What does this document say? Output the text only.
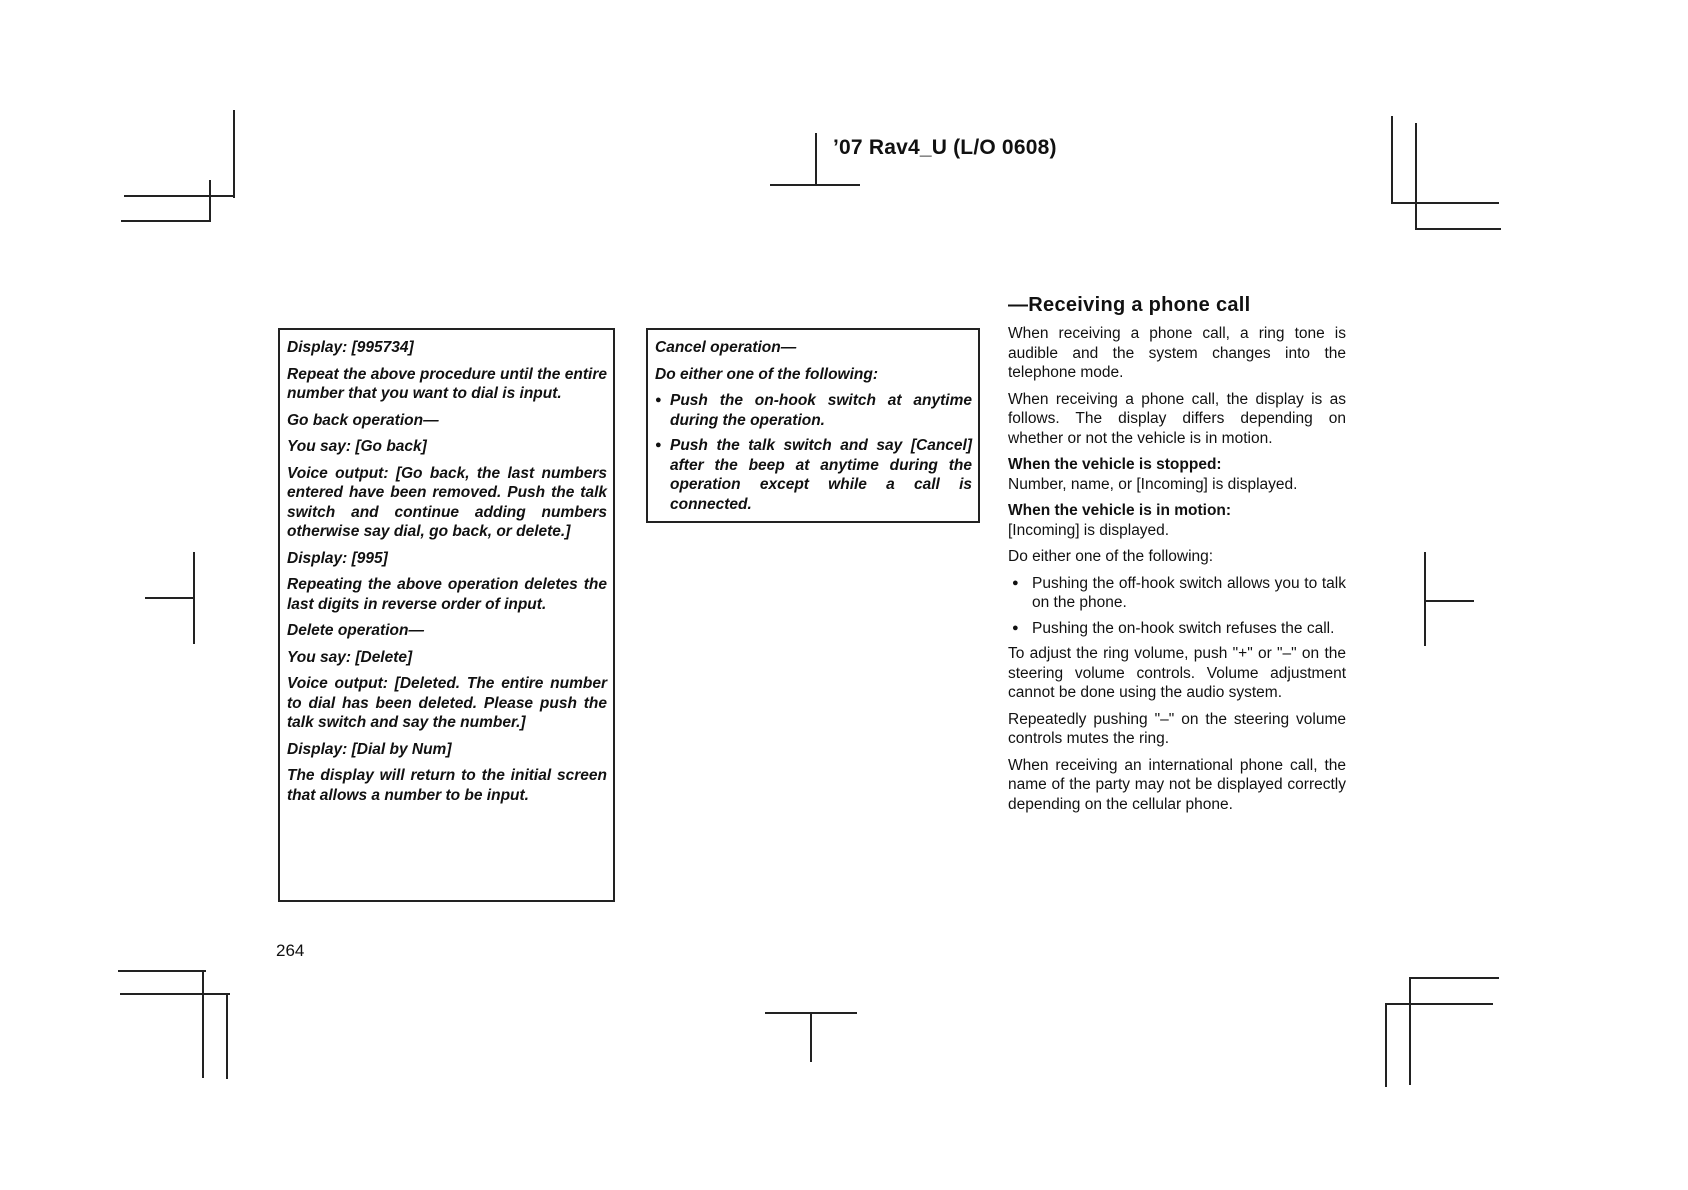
’07 Rav4_U (L/O 0608)

Display: [995734]

Repeat the above procedure until the entire number that you want to dial is input.

Go back operation—

You say: [Go back]

Voice output: [Go back, the last numbers entered have been removed. Push the talk switch and continue adding numbers otherwise say dial, go back, or delete.]

Display: [995]

Repeating the above operation deletes the last digits in reverse order of input.

Delete operation—

You say: [Delete]

Voice output: [Deleted. The entire number to dial has been deleted. Please push the talk switch and say the number.]

Display: [Dial by Num]

The display will return to the initial screen that allows a number to be input.

Cancel operation—

Do either one of the following:

● Push the on-hook switch at anytime during the operation.
● Push the talk switch and say [Cancel] after the beep at anytime during the operation except while a call is connected.
—Receiving a phone call

When receiving a phone call, a ring tone is audible and the system changes into the telephone mode.

When receiving a phone call, the display is as follows. The display differs depending on whether or not the vehicle is in motion.

When the vehicle is stopped:

Number, name, or [Incoming] is displayed.

When the vehicle is in motion:

[Incoming] is displayed.

Do either one of the following:

● Pushing the off-hook switch allows you to talk on the phone.
● Pushing the on-hook switch refuses the call.

To adjust the ring volume, push "+" or "–" on the steering volume controls. Volume adjustment cannot be done using the audio system.

Repeatedly pushing "–" on the steering volume controls mutes the ring.

When receiving an international phone call, the name of the party may not be displayed correctly depending on the cellular phone.

264
